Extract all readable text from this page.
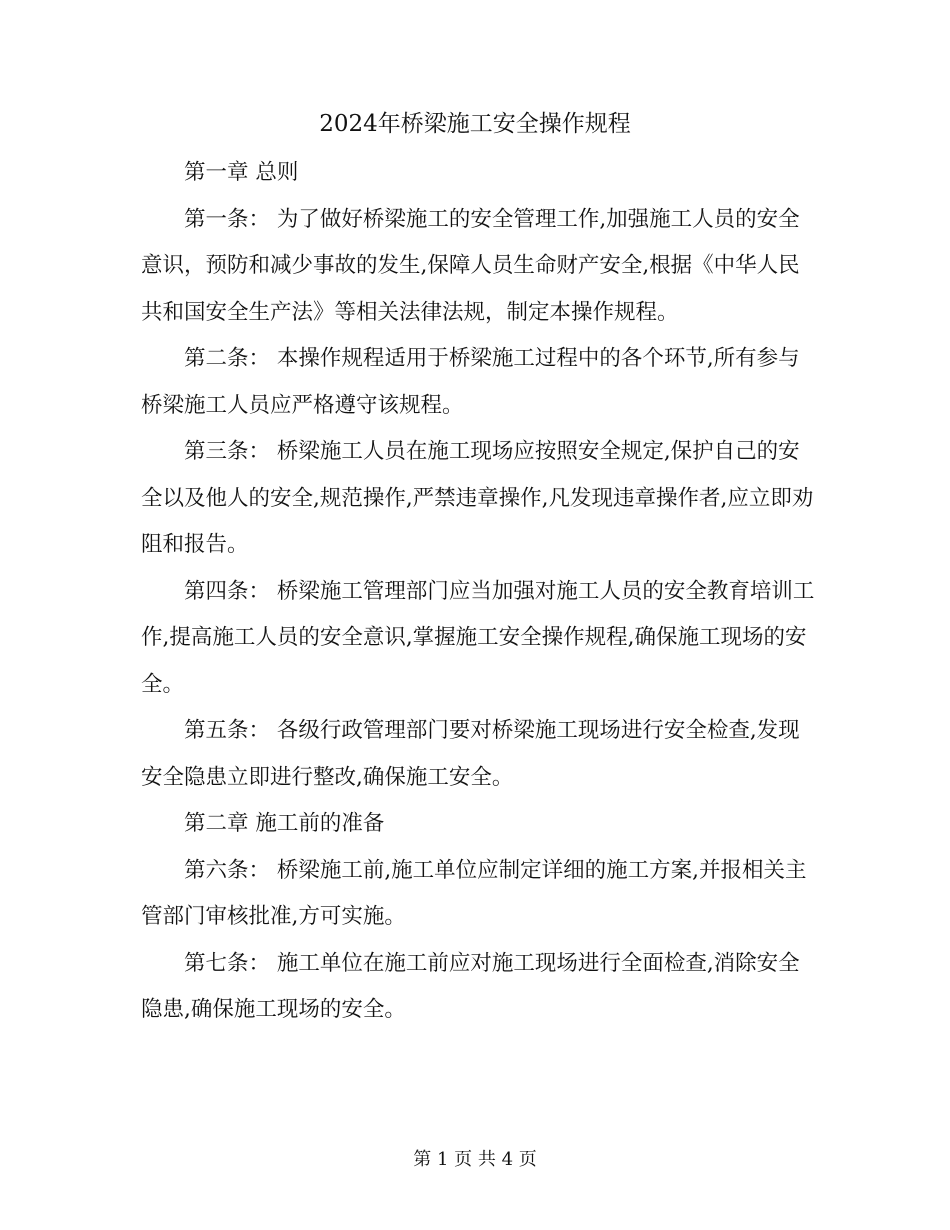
2024年桥梁施工安全操作规程

第一章 总则

第一条： 为了做好桥梁施工的安全管理工作,加强施工人员的安全意识，预防和减少事故的发生,保障人员生命财产安全,根据《中华人民共和国安全生产法》等相关法律法规，制定本操作规程。

第二条： 本操作规程适用于桥梁施工过程中的各个环节,所有参与桥梁施工人员应严格遵守该规程。

第三条： 桥梁施工人员在施工现场应按照安全规定,保护自己的安全以及他人的安全,规范操作,严禁违章操作,凡发现违章操作者,应立即劝阻和报告。

第四条： 桥梁施工管理部门应当加强对施工人员的安全教育培训工作,提高施工人员的安全意识,掌握施工安全操作规程,确保施工现场的安全。

第五条： 各级行政管理部门要对桥梁施工现场进行安全检查,发现安全隐患立即进行整改,确保施工安全。

第二章 施工前的准备

第六条： 桥梁施工前,施工单位应制定详细的施工方案,并报相关主管部门审核批准,方可实施。

第七条： 施工单位在施工前应对施工现场进行全面检查,消除安全隐患,确保施工现场的安全。

第 1 页 共 4 页
